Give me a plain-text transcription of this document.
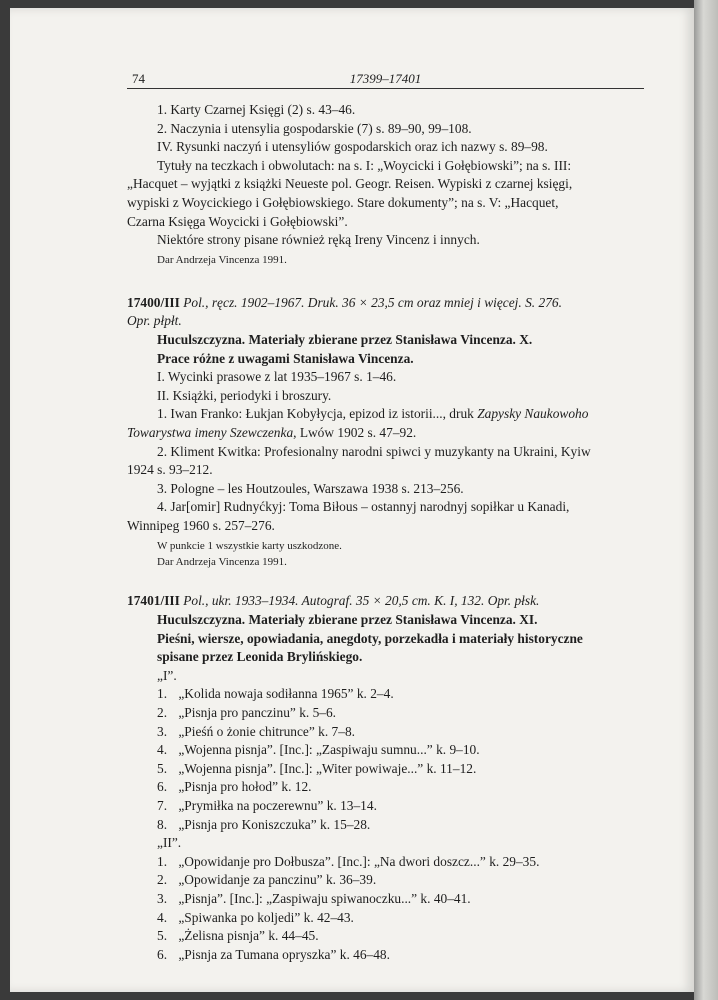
74	17399–17401
1. Karty Czarnej Księgi (2) s. 43–46.
2. Naczynia i utensylia gospodarskie (7) s. 89–90, 99–108.
IV. Rysunki naczyń i utensyliów gospodarskich oraz ich nazwy s. 89–98.
Tytuły na teczkach i obwolutach: na s. I: „Woycicki i Gołębiowski”; na s. III:
„Hacquet – wyjątki z książki Neueste pol. Geogr. Reisen. Wypiski z czarnej księgi,
wypiski z Woycickiego i Gołębiowskiego. Stare dokumenty”; na s. V: „Hacquet,
Czarna Księga Woycicki i Gołębiowski”.
Niektóre strony pisane również ręką Ireny Vincenz i innych.
Dar Andrzeja Vincenza 1991.
17400/III Pol., ręcz. 1902–1967. Druk. 36 × 23,5 cm oraz mniej i więcej. S. 276.
Opr. płpłt.
Huculszczyzna. Materiały zbierane przez Stanisława Vincenza. X.
Prace różne z uwagami Stanisława Vincenza.
I. Wycinki prasowe z lat 1935–1967 s. 1–46.
II. Książki, periodyki i broszury.
1. Iwan Franko: Łukjan Kobyłycja, epizod iz istorii..., druk Zapysky Naukowoho
Towarystwa imeny Szewczenka, Lwów 1902 s. 47–92.
2. Kliment Kwitka: Profesionalny narodni spiwci y muzykanty na Ukraini, Kyiw
1924 s. 93–212.
3. Pologne – les Houtzoules, Warszawa 1938 s. 213–256.
4. Jar[omir] Rudnyćkyj: Toma Biłous – ostannyj narodnyj sopiłkar u Kanadi,
Winnipeg 1960 s. 257–276.
W punkcie 1 wszystkie karty uszkodzone.
Dar Andrzeja Vincenza 1991.
17401/III Pol., ukr. 1933–1934. Autograf. 35 × 20,5 cm. K. I, 132. Opr. płsk.
Huculszczyzna. Materiały zbierane przez Stanisława Vincenza. XI.
Pieśni, wiersze, opowiadania, anegdoty, porzekadła i materiały historyczne
spisane przez Leonida Brylińskiego.
„I”.
1. „Kolida nowaja sodiłanna 1965” k. 2–4.
2. „Pisnja pro panczinu” k. 5–6.
3. „Pieśń o żonie chitrunce” k. 7–8.
4. „Wojenna pisnja”. [Inc.]: „Zaspiwaju sumnu...” k. 9–10.
5. „Wojenna pisnja”. [Inc.]: „Witer powiwaje...” k. 11–12.
6. „Pisnja pro hołod” k. 12.
7. „Prymiłka na poczerewnu” k. 13–14.
8. „Pisnja pro Koniszczuka” k. 15–28.
„II”.
1. „Opowidanje pro Dołbusza”. [Inc.]: „Na dwori doszcz...” k. 29–35.
2. „Opowidanje za panczinu” k. 36–39.
3. „Pisnja”. [Inc.]: „Zaspiwaju spiwanoczku...” k. 40–41.
4. „Spiwanka po koljedi” k. 42–43.
5. „Żelisna pisnja” k. 44–45.
6. „Pisnja za Tumana opryszka” k. 46–48.
